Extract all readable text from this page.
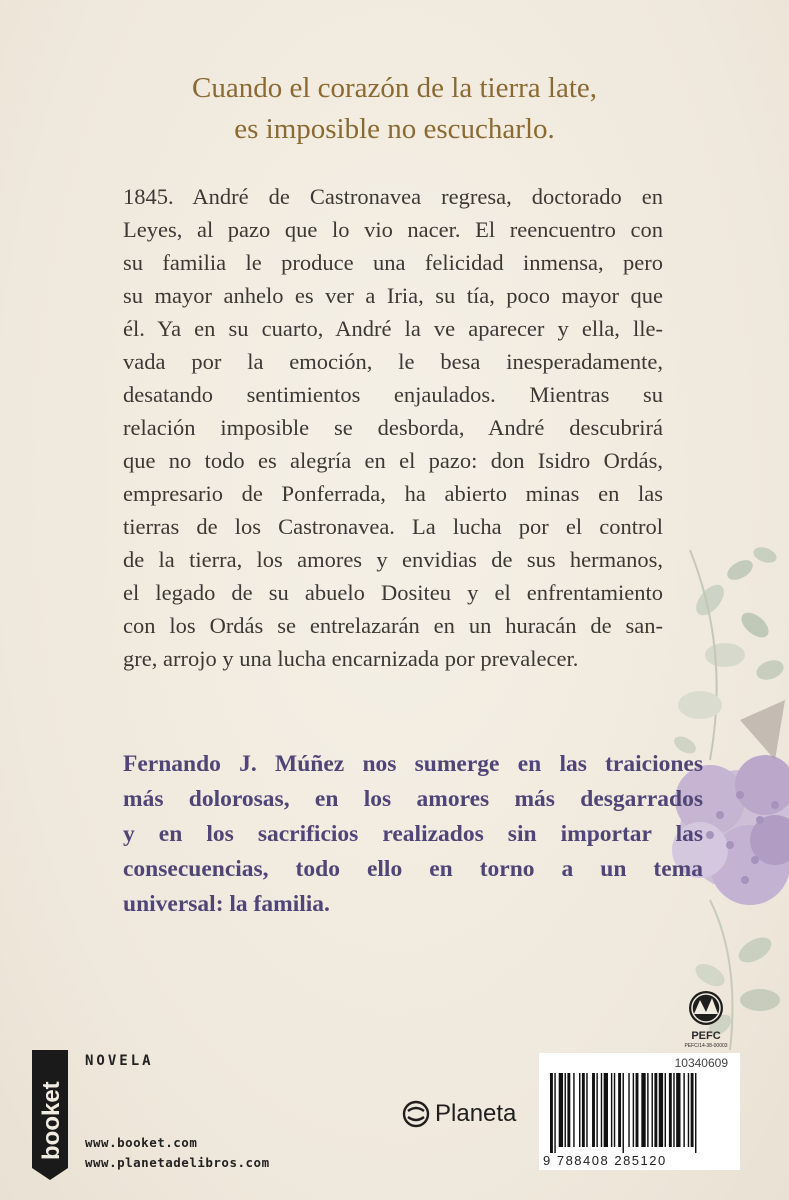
Cuando el corazón de la tierra late,
es imposible no escucharlo.
1845. André de Castronavea regresa, doctorado en
Leyes, al pazo que lo vio nacer. El reencuentro con
su familia le produce una felicidad inmensa, pero
su mayor anhelo es ver a Iria, su tía, poco mayor que
él. Ya en su cuarto, André la ve aparecer y ella, lle-
vada por la emoción, le besa inesperadamente,
desatando sentimientos enjaulados. Mientras su
relación imposible se desborda, André descubrirá
que no todo es alegría en el pazo: don Isidro Ordás,
empresario de Ponferrada, ha abierto minas en las
tierras de los Castronavea. La lucha por el control
de la tierra, los amores y envidias de sus hermanos,
el legado de su abuelo Dositeu y el enfrentamiento
con los Ordás se entrelazarán en un huracán de san-
gre, arrojo y una lucha encarnizada por prevalecer.
Fernando J. Múñez nos sumerge en las traiciones
más dolorosas, en los amores más desgarrados
y en los sacrificios realizados sin importar las
consecuencias, todo ello en torno a un tema
universal: la familia.
PEFC
PEFC/14-38-00003
booket
NOVELA
www.booket.com
www.planetadelibros.com
Planeta
10340609
9 788408 285120
